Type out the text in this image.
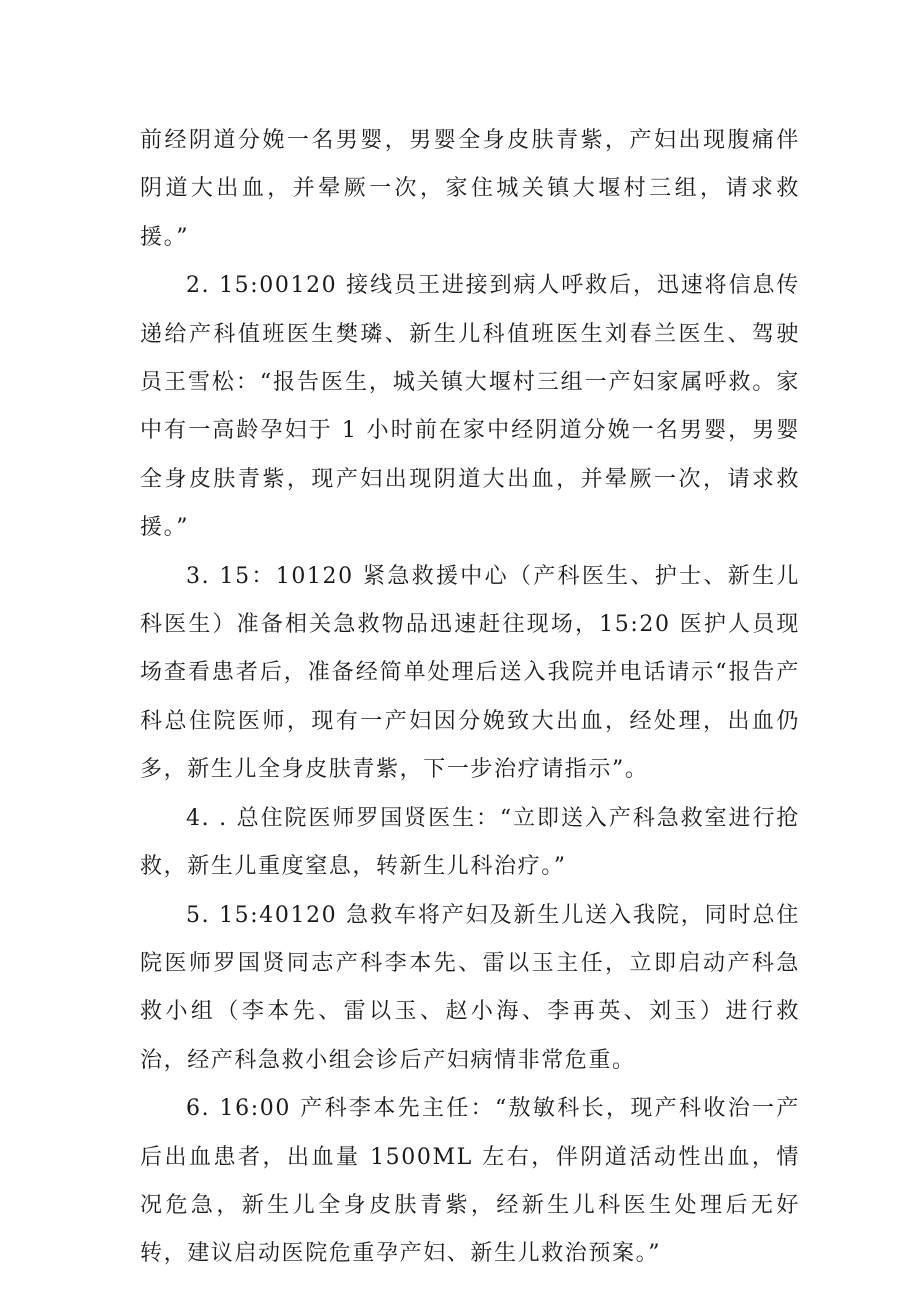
前经阴道分娩一名男婴，男婴全身皮肤青紫，产妇出现腹痛伴阴道大出血，并晕厥一次，家住城关镇大堰村三组，请求救援。”

2. 15:00120 接线员王进接到病人呼救后，迅速将信息传递给产科值班医生樊璘、新生儿科值班医生刘春兰医生、驾驶员王雪松：“报告医生，城关镇大堰村三组一产妇家属呼救。家中有一高龄孕妇于 1 小时前在家中经阴道分娩一名男婴，男婴全身皮肤青紫，现产妇出现阴道大出血，并晕厥一次，请求救援。”

3. 15：10120 紧急救援中心（产科医生、护士、新生儿科医生）准备相关急救物品迅速赶往现场，15:20 医护人员现场查看患者后，准备经简单处理后送入我院并电话请示“报告产科总住院医师，现有一产妇因分娩致大出血，经处理，出血仍多，新生儿全身皮肤青紫，下一步治疗请指示”。

4. . 总住院医师罗国贤医生：“立即送入产科急救室进行抢救，新生儿重度窒息，转新生儿科治疗。”

5. 15:40120 急救车将产妇及新生儿送入我院，同时总住院医师罗国贤同志产科李本先、雷以玉主任，立即启动产科急救小组（李本先、雷以玉、赵小海、李再英、刘玉）进行救治，经产科急救小组会诊后产妇病情非常危重。

6. 16:00 产科李本先主任：“敖敏科长，现产科收治一产后出血患者，出血量 1500ML 左右，伴阴道活动性出血，情况危急，新生儿全身皮肤青紫，经新生儿科医生处理后无好转，建议启动医院危重孕产妇、新生儿救治预案。”
